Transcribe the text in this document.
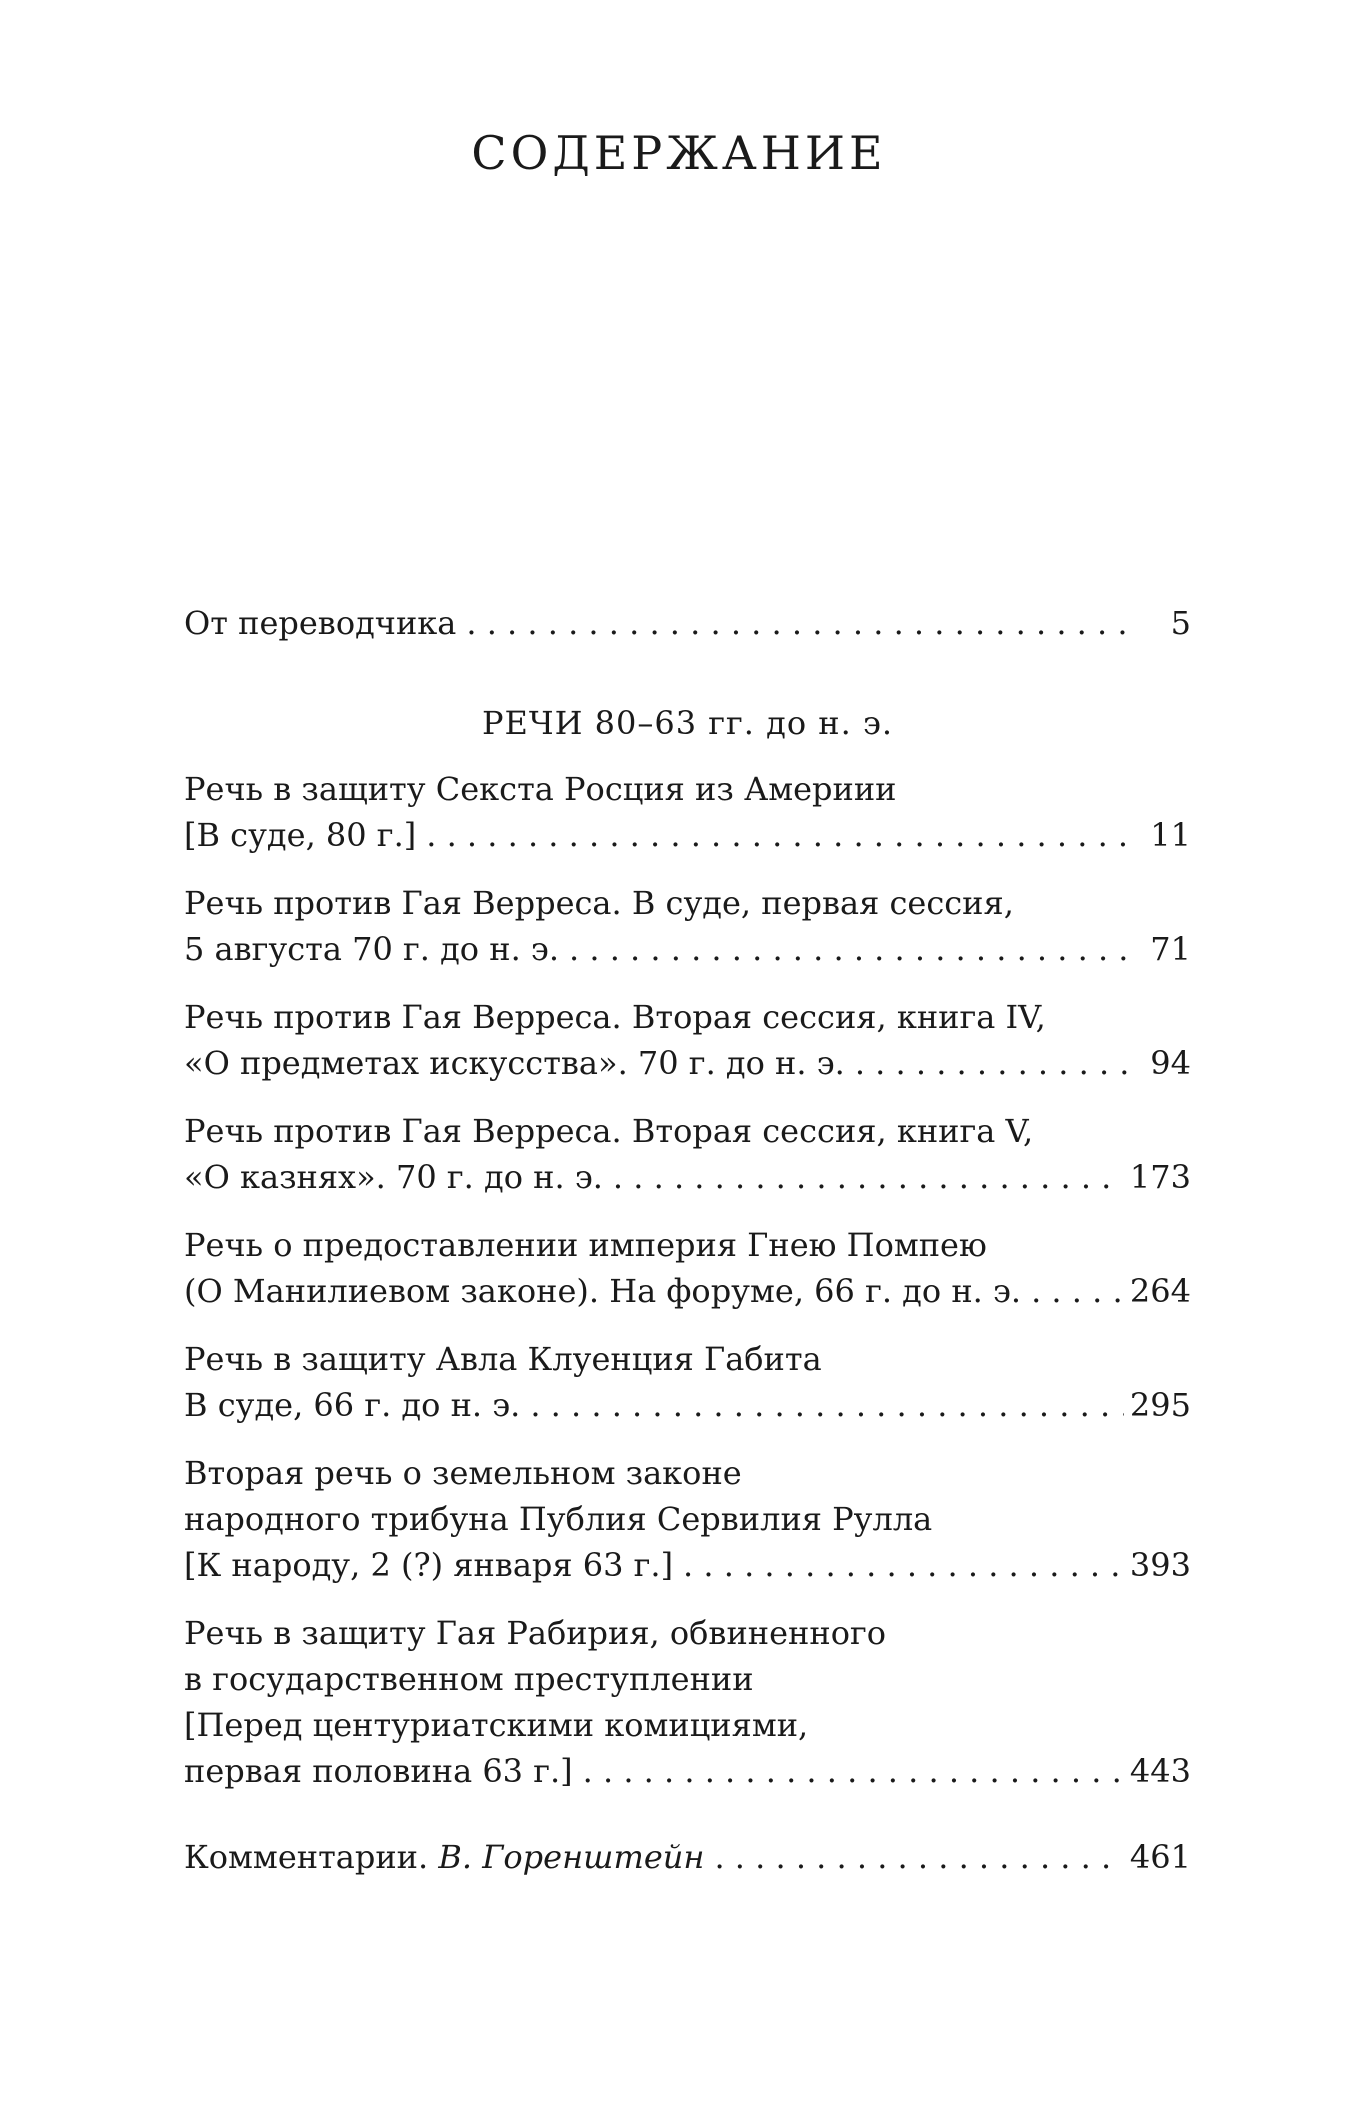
СОДЕРЖАНИЕ
От переводчика . . .	5
РЕЧИ 80–63 гг. до н. э.
Речь в защиту Секста Росция из Америии
[В суде, 80 г.] . . .	11
Речь против Гая Верреса. В суде, первая сессия,
5 августа 70 г. до н. э. . . .	71
Речь против Гая Верреса. Вторая сессия, книга IV,
«О предметах искусства». 70 г. до н. э. . . .	94
Речь против Гая Верреса. Вторая сессия, книга V,
«О казнях». 70 г. до н. э. . . .	173
Речь о предоставлении империя Гнею Помпею
(О Манилиевом законе). На форуме, 66 г. до н. э. . . .	264
Речь в защиту Авла Клуенция Габита
В суде, 66 г. до н. э. . . .	295
Вторая речь о земельном законе
народного трибуна Публия Сервилия Рулла
[К народу, 2 (?) января 63 г.] . . .	393
Речь в защиту Гая Рабирия, обвиненного
в государственном преступлении
[Перед центуриатскими комициями,
первая половина 63 г.] . . .	443
Комментарии. В. Горенштейн . . .	461
